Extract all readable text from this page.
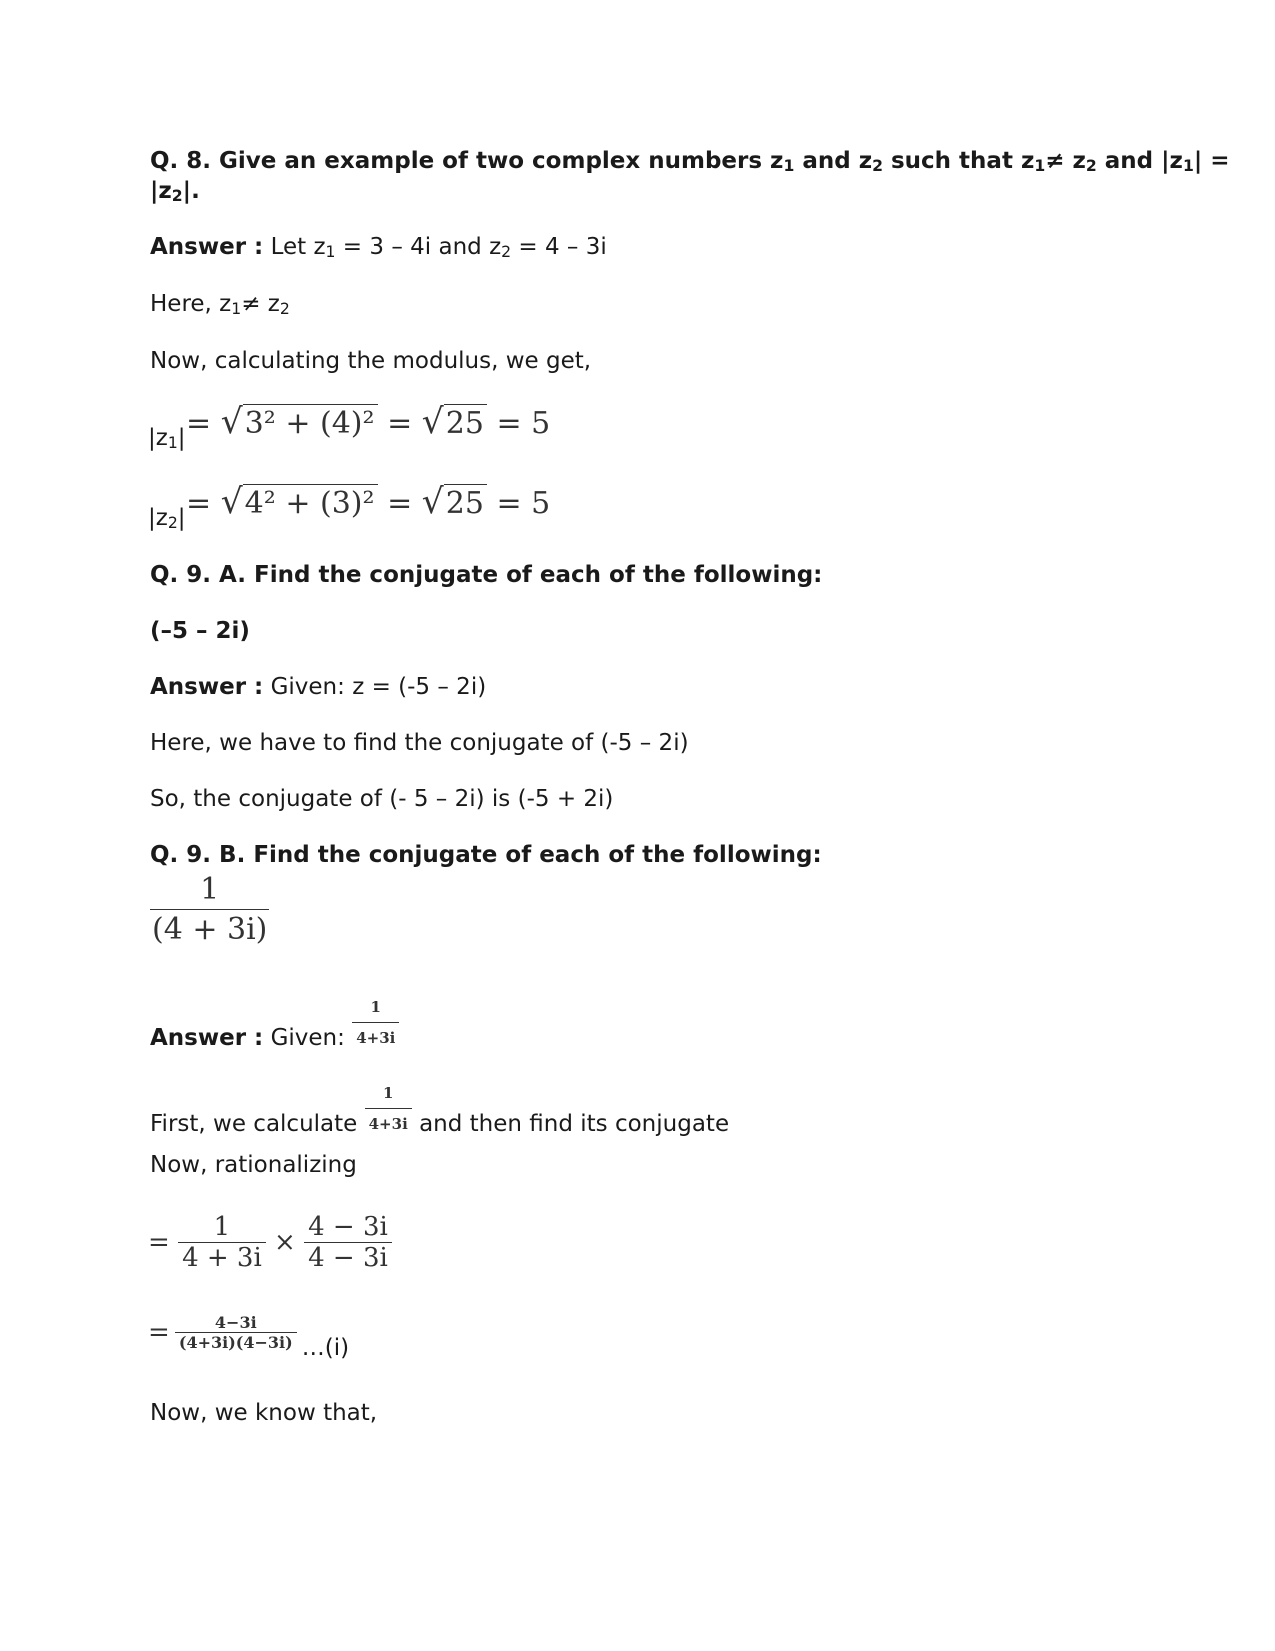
Q. 8. Give an example of two complex numbers $z_1$ and $z_2$ such that $z_1\ne z_2$ and $|z_1|$ =
$|z_2|$.
Answer : Let $z_1 = 3 - 4i$ and $z_2 = 4 - 3i$
Here, $z_1\ne z_2$
Now, calculating the modulus, we get,
$|z_1| = √3^2 + (4)^2 = √25 = 5$
$|z_2| = √4^2 + (3)^2 = √25 = 5$
Q. 9. A. Find the conjugate of each of the following:
(–5 – 2i)
Answer : Given: z = (-5 – 2i)
Here, we have to find the conjugate of (-5 – 2i)
So, the conjugate of (- 5 – 2i) is (-5 + 2i)
Q. 9. B. Find the conjugate of each of the following:
$\frac{1}{(4 + 3i)}$
Answer : Given: $\frac{1}{4+3i}$
First, we calculate $\frac{1}{4+3i}$ and then find its conjugate
Now, rationalizing
= $\frac{1}{4 + 3i} \times \frac{4 - 3i}{4 - 3i}$
= $\frac{4-3i}{(4+3i)(4-3i)}$ …(i)
Now, we know that,
